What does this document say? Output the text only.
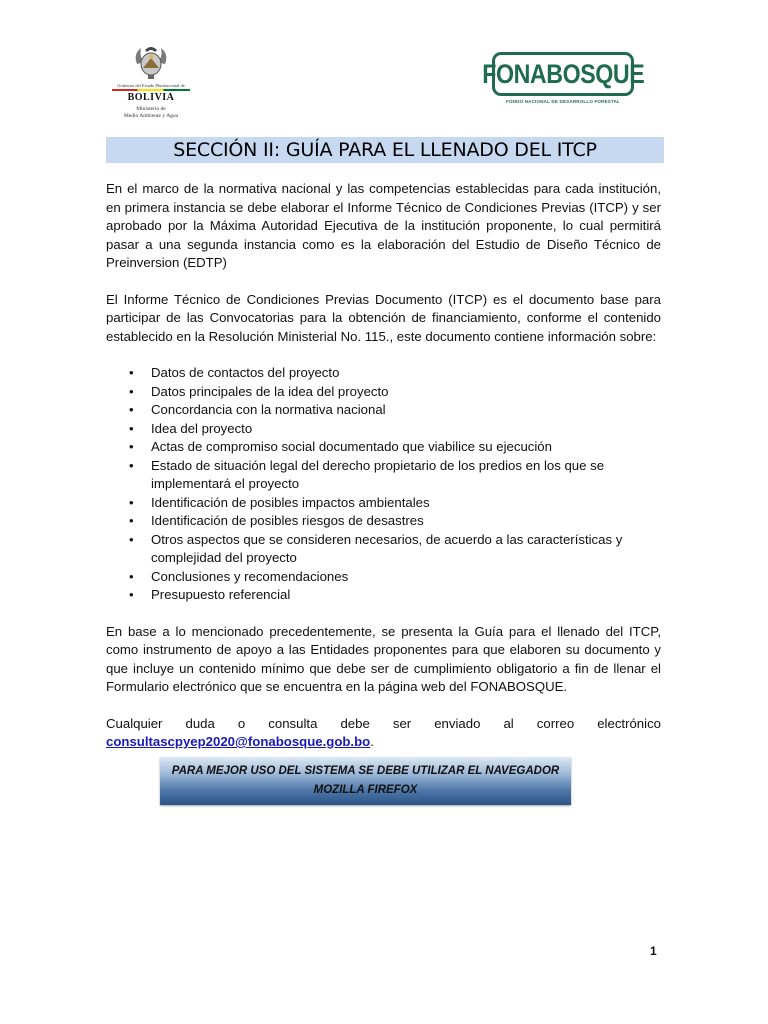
Gobierno del Estado Plurinacional de
BOLIVIA
Ministerio de
Medio Ambiente y Agua
FONABOSQUE
FONDO NACIONAL DE DESARROLLO FORESTAL
SECCIÓN II: GUÍA PARA EL LLENADO DEL ITCP

En el marco de la normativa nacional y las competencias establecidas para cada institución, en primera instancia se debe elaborar el Informe Técnico de Condiciones Previas (ITCP) y ser aprobado por la Máxima Autoridad Ejecutiva de la institución proponente, lo cual permitirá pasar a una segunda instancia como es la elaboración del Estudio de Diseño Técnico de Preinversion (EDTP)

El Informe Técnico de Condiciones Previas Documento (ITCP) es el documento base para participar de las Convocatorias para la obtención de financiamiento, conforme el contenido establecido en la Resolución Ministerial No. 115., este documento contiene información sobre:

• Datos de contactos del proyecto
• Datos principales de la idea del proyecto
• Concordancia con la normativa nacional
• Idea del proyecto
• Actas de compromiso social documentado que viabilice su ejecución
• Estado de situación legal del derecho propietario de los predios en los que se implementará el proyecto
• Identificación de posibles impactos ambientales
• Identificación de posibles riesgos de desastres
• Otros aspectos que se consideren necesarios, de acuerdo a las características y complejidad del proyecto
• Conclusiones y recomendaciones
• Presupuesto referencial

En base a lo mencionado precedentemente, se presenta la Guía para el llenado del ITCP, como instrumento de apoyo a las Entidades proponentes para que elaboren su documento y que incluye un contenido mínimo que debe ser de cumplimiento obligatorio a fin de llenar el Formulario electrónico que se encuentra en la página web del FONABOSQUE.

Cualquier duda o consulta debe ser enviado al correo electrónico
consultascpyep2020@fonabosque.gob.bo.
PARA MEJOR USO DEL SISTEMA SE DEBE UTILIZAR EL NAVEGADOR
MOZILLA FIREFOX
1
